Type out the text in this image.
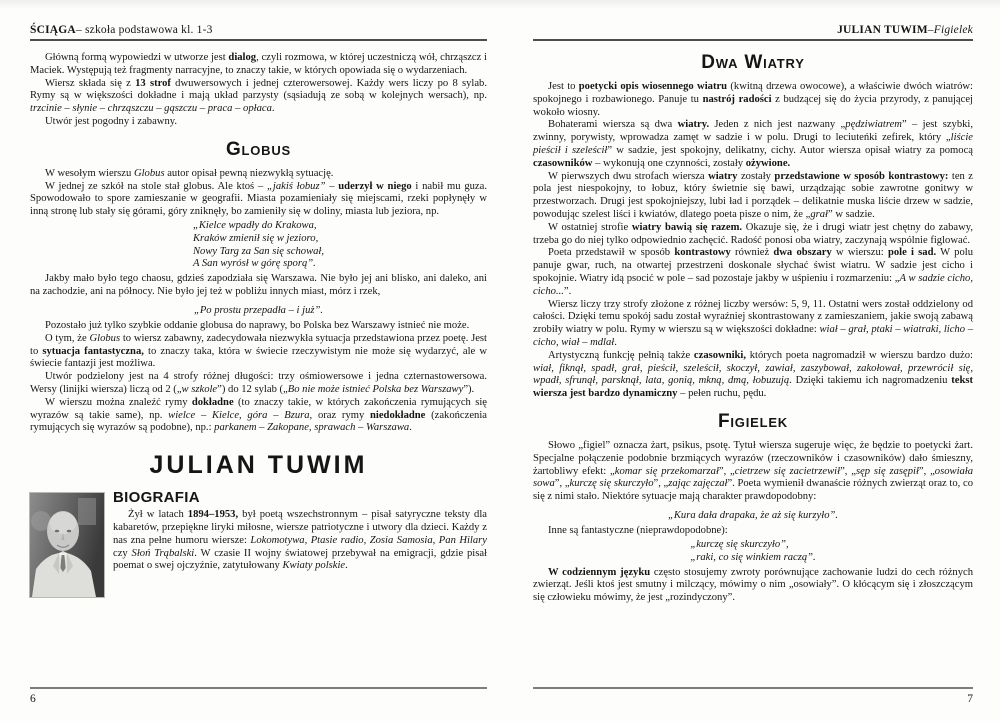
ŚCIĄGA – szkoła podstawowa kl. 1-3

Główną formą wypowiedzi w utworze jest dialog, czyli rozmowa, w której uczestniczą wół, chrząszcz i Maciek. Występują też fragmenty narracyjne, to znaczy takie, w których opowiada się o wydarzeniach.

Wiersz składa się z 13 strof dwuwersowych i jednej czterowersowej. Każdy wers liczy po 8 sylab. Rymy są w większości dokładne i mają układ parzysty (sąsiadują ze sobą w kolejnych wersach), np. trzcinie – słynie – chrząszczu – gąszczu – praca – opłaca.

Utwór jest pogodny i zabawny.

Globus

W wesołym wierszu Globus autor opisał pewną niezwykłą sytuację.

W jednej ze szkół na stole stał globus. Ale ktoś – „jakiś łobuz” – uderzył w niego i nabił mu guza. Spowodowało to spore zamieszanie w geografii. Miasta pozamieniały się miejscami, rzeki popłynęły w inną stronę lub stały się górami, góry zniknęły, bo zamieniły się w doliny, miasta lub jeziora, np.

„Kielce wpadły do Krakowa,
Kraków zmienił się w jezioro,
Nowy Targ za San się schował,
A San wyrósł w górę sporą”.

Jakby mało było tego chaosu, gdzieś zapodziała się Warszawa. Nie było jej ani blisko, ani daleko, ani na zachodzie, ani na północy. Nie było jej też w pobliżu innych miast, mórz i rzek,

„Po prostu przepadła – i już”.

Pozostało już tylko szybkie oddanie globusa do naprawy, bo Polska bez Warszawy istnieć nie może.

O tym, że Globus to wiersz zabawny, zadecydowała niezwykła sytuacja przedstawiona przez poetę. Jest to sytuacja fantastyczna, to znaczy taka, która w świecie rzeczywistym nie może się wydarzyć, ale w świecie fantazji jest możliwa.

Utwór podzielony jest na 4 strofy różnej długości: trzy ośmiowersowe i jedna czternastowersowa. Wersy (linijki wiersza) liczą od 2 („w szkole”) do 12 sylab („Bo nie może istnieć Polska bez Warszawy”).

W wierszu można znaleźć rymy dokładne (to znaczy takie, w których zakończenia rymujących się wyrazów są takie same), np. wielce – Kielce, góra – Bzura, oraz rymy niedokładne (zakończenia rymujących się wyrazów są podobne), np.: parkanem – Zakopane, sprawach – Warszawa.

JULIAN TUWIM
BIOGRAFIA

Żył w latach 1894–1953, był poetą wszechstronnym – pisał satyryczne teksty dla kabaretów, przepiękne liryki miłosne, wiersze patriotyczne i utwory dla dzieci. Każdy z nas zna pełne humoru wiersze: Lokomotywa, Ptasie radio, Zosia Samosia, Pan Hilary czy Słoń Trąbalski. W czasie II wojny światowej przebywał na emigracji, gdzie pisał poemat o swej ojczyźnie, zatytułowany Kwiaty polskie.

6
JULIAN TUWIM – Figielek
Dwa Wiatry

Jest to poetycki opis wiosennego wiatru (kwitną drzewa owocowe), a właściwie dwóch wiatrów: spokojnego i rozbawionego. Panuje tu nastrój radości z budzącej się do życia przyrody, z panującej wokoło wiosny.

Bohaterami wiersza są dwa wiatry. Jeden z nich jest nazwany „pędziwiatrem” – jest szybki, zwinny, porywisty, wprowadza zamęt w sadzie i w polu. Drugi to leciuteńki zefirek, który „liście pieścił i szeleścił” w sadzie, jest spokojny, delikatny, cichy. Autor wiersza opisał wiatry za pomocą czasowników – wykonują one czynności, zostały ożywione.

W pierwszych dwu strofach wiersza wiatry zostały przedstawione w sposób kontrastowy: ten z pola jest niespokojny, to łobuz, który świetnie się bawi, urządzając sobie zawrotne gonitwy w przestworzach. Drugi jest spokojniejszy, lubi ład i porządek – delikatnie muska liście drzew w sadzie, powodując szelest liści i kwiatów, dlatego poeta pisze o nim, że „grał” w sadzie.

W ostatniej strofie wiatry bawią się razem. Okazuje się, że i drugi wiatr jest chętny do zabawy, trzeba go do niej tylko odpowiednio zachęcić. Radość ponosi oba wiatry, zaczynają wspólnie figlować.

Poeta przedstawił w sposób kontrastowy również dwa obszary w wierszu: pole i sad. W polu panuje gwar, ruch, na otwartej przestrzeni doskonale słychać świst wiatru. W sadzie jest cicho i spokojnie. Wiatry idą psocić w pole – sad pozostaje jakby w uśpieniu i rozmarzeniu: „A w sadzie cicho, cicho...”.

Wiersz liczy trzy strofy złożone z różnej liczby wersów: 5, 9, 11. Ostatni wers został oddzielony od całości. Dzięki temu spokój sadu został wyraźniej skontrastowany z zamieszaniem, jakie swoją zabawą zrobiły wiatry w polu. Rymy w wierszu są w większości dokładne: wiał – grał, ptaki – wiatraki, licho – cicho, wiał – mdlał.

Artystyczną funkcję pełnią także czasowniki, których poeta nagromadził w wierszu bardzo dużo: wiał, fiknął, spadł, grał, pieścił, szeleścił, skoczył, zawiał, zaszybował, zakołował, przewrócił się, wpadł, sfrunął, parsknął, lata, gonią, mkną, dmą, łobuzują. Dzięki takiemu ich nagromadzeniu tekst wiersza jest bardzo dynamiczny – pełen ruchu, pędu.

Figielek

Słowo „figiel” oznacza żart, psikus, psotę. Tytuł wiersza sugeruje więc, że będzie to poetycki żart. Specjalne połączenie podobnie brzmiących wyrazów (rzeczowników i czasowników) dało śmieszny, żartobliwy efekt: „komar się przekomarzał”, „cietrzew się zacietrzewił”, „sęp się zasępił”, „osowiała sowa”, „kurczę się skurczyło”, „zając zajęczał”. Poeta wymienił dwanaście różnych zwierząt oraz to, co się z nimi stało. Niektóre sytuacje mają charakter prawdopodobny:

„Kura dała drapaka, że aż się kurzyło”.

Inne są fantastyczne (nieprawdopodobne):

„kurczę się skurczyło”,
„raki, co się winkiem raczą”.

W codziennym języku często stosujemy zwroty porównujące zachowanie ludzi do cech różnych zwierząt. Jeśli ktoś jest smutny i milczący, mówimy o nim „osowiały”. O kłócącym się i złoszczącym się człowieku mówimy, że jest „rozindyczony”.

7
